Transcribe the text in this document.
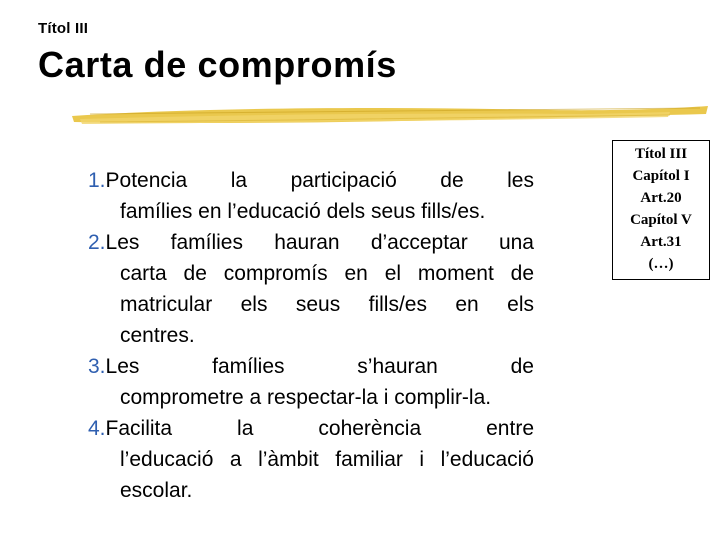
Títol III
Carta de compromís
1.Potencia la participació de les
famílies en l’educació dels seus fills/es.
2.Les famílies hauran d’acceptar una
carta de compromís en el moment de
matricular els seus fills/es en els
centres.
3.Les famílies s’hauran de
comprometre a respectar-la i complir-la.
4.Facilita la coherència entre
l’educació a l’àmbit familiar i l’educació
escolar.
Títol III
Capítol I
Art.20
Capítol V
Art.31
(…)
